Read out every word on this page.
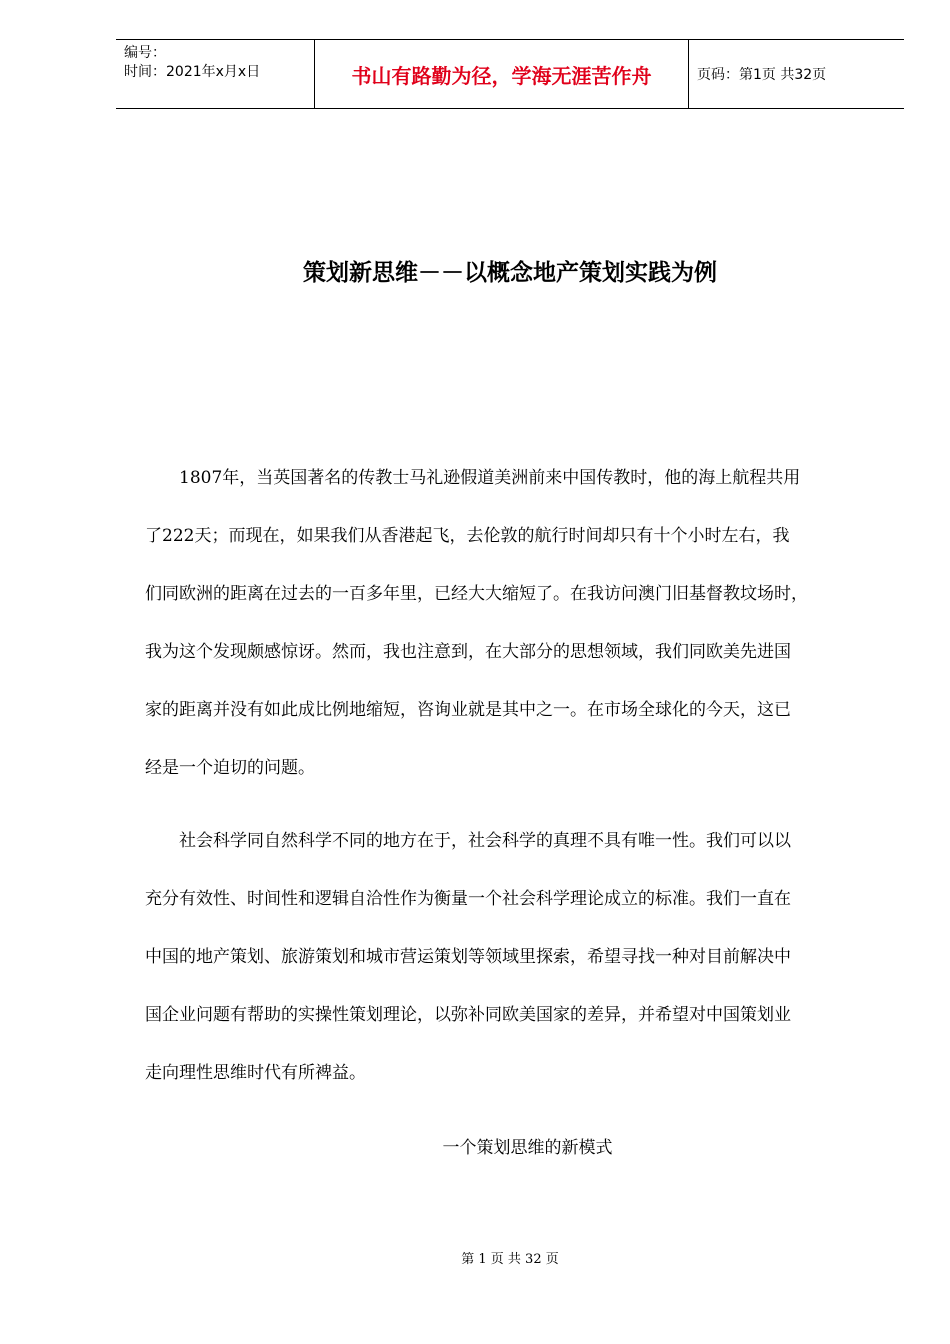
编号：
时间：2021年x月x日	书山有路勤为径，学海无涯苦作舟	页码：第1页 共32页
策划新思维－－以概念地产策划实践为例
　　1807年，当英国著名的传教士马礼逊假道美洲前来中国传教时，他的海上航程共用
了222天；而现在，如果我们从香港起飞，去伦敦的航行时间却只有十个小时左右，我
们同欧洲的距离在过去的一百多年里，已经大大缩短了。在我访问澳门旧基督教坟场时，
我为这个发现颇感惊讶。然而，我也注意到，在大部分的思想领域，我们同欧美先进国
家的距离并没有如此成比例地缩短，咨询业就是其中之一。在市场全球化的今天，这已
经是一个迫切的问题。
　　社会科学同自然科学不同的地方在于，社会科学的真理不具有唯一性。我们可以以
充分有效性、时间性和逻辑自洽性作为衡量一个社会科学理论成立的标准。我们一直在
中国的地产策划、旅游策划和城市营运策划等领域里探索，希望寻找一种对目前解决中
国企业问题有帮助的实操性策划理论，以弥补同欧美国家的差异，并希望对中国策划业
走向理性思维时代有所裨益。
一个策划思维的新模式
第 1 页 共 32 页
